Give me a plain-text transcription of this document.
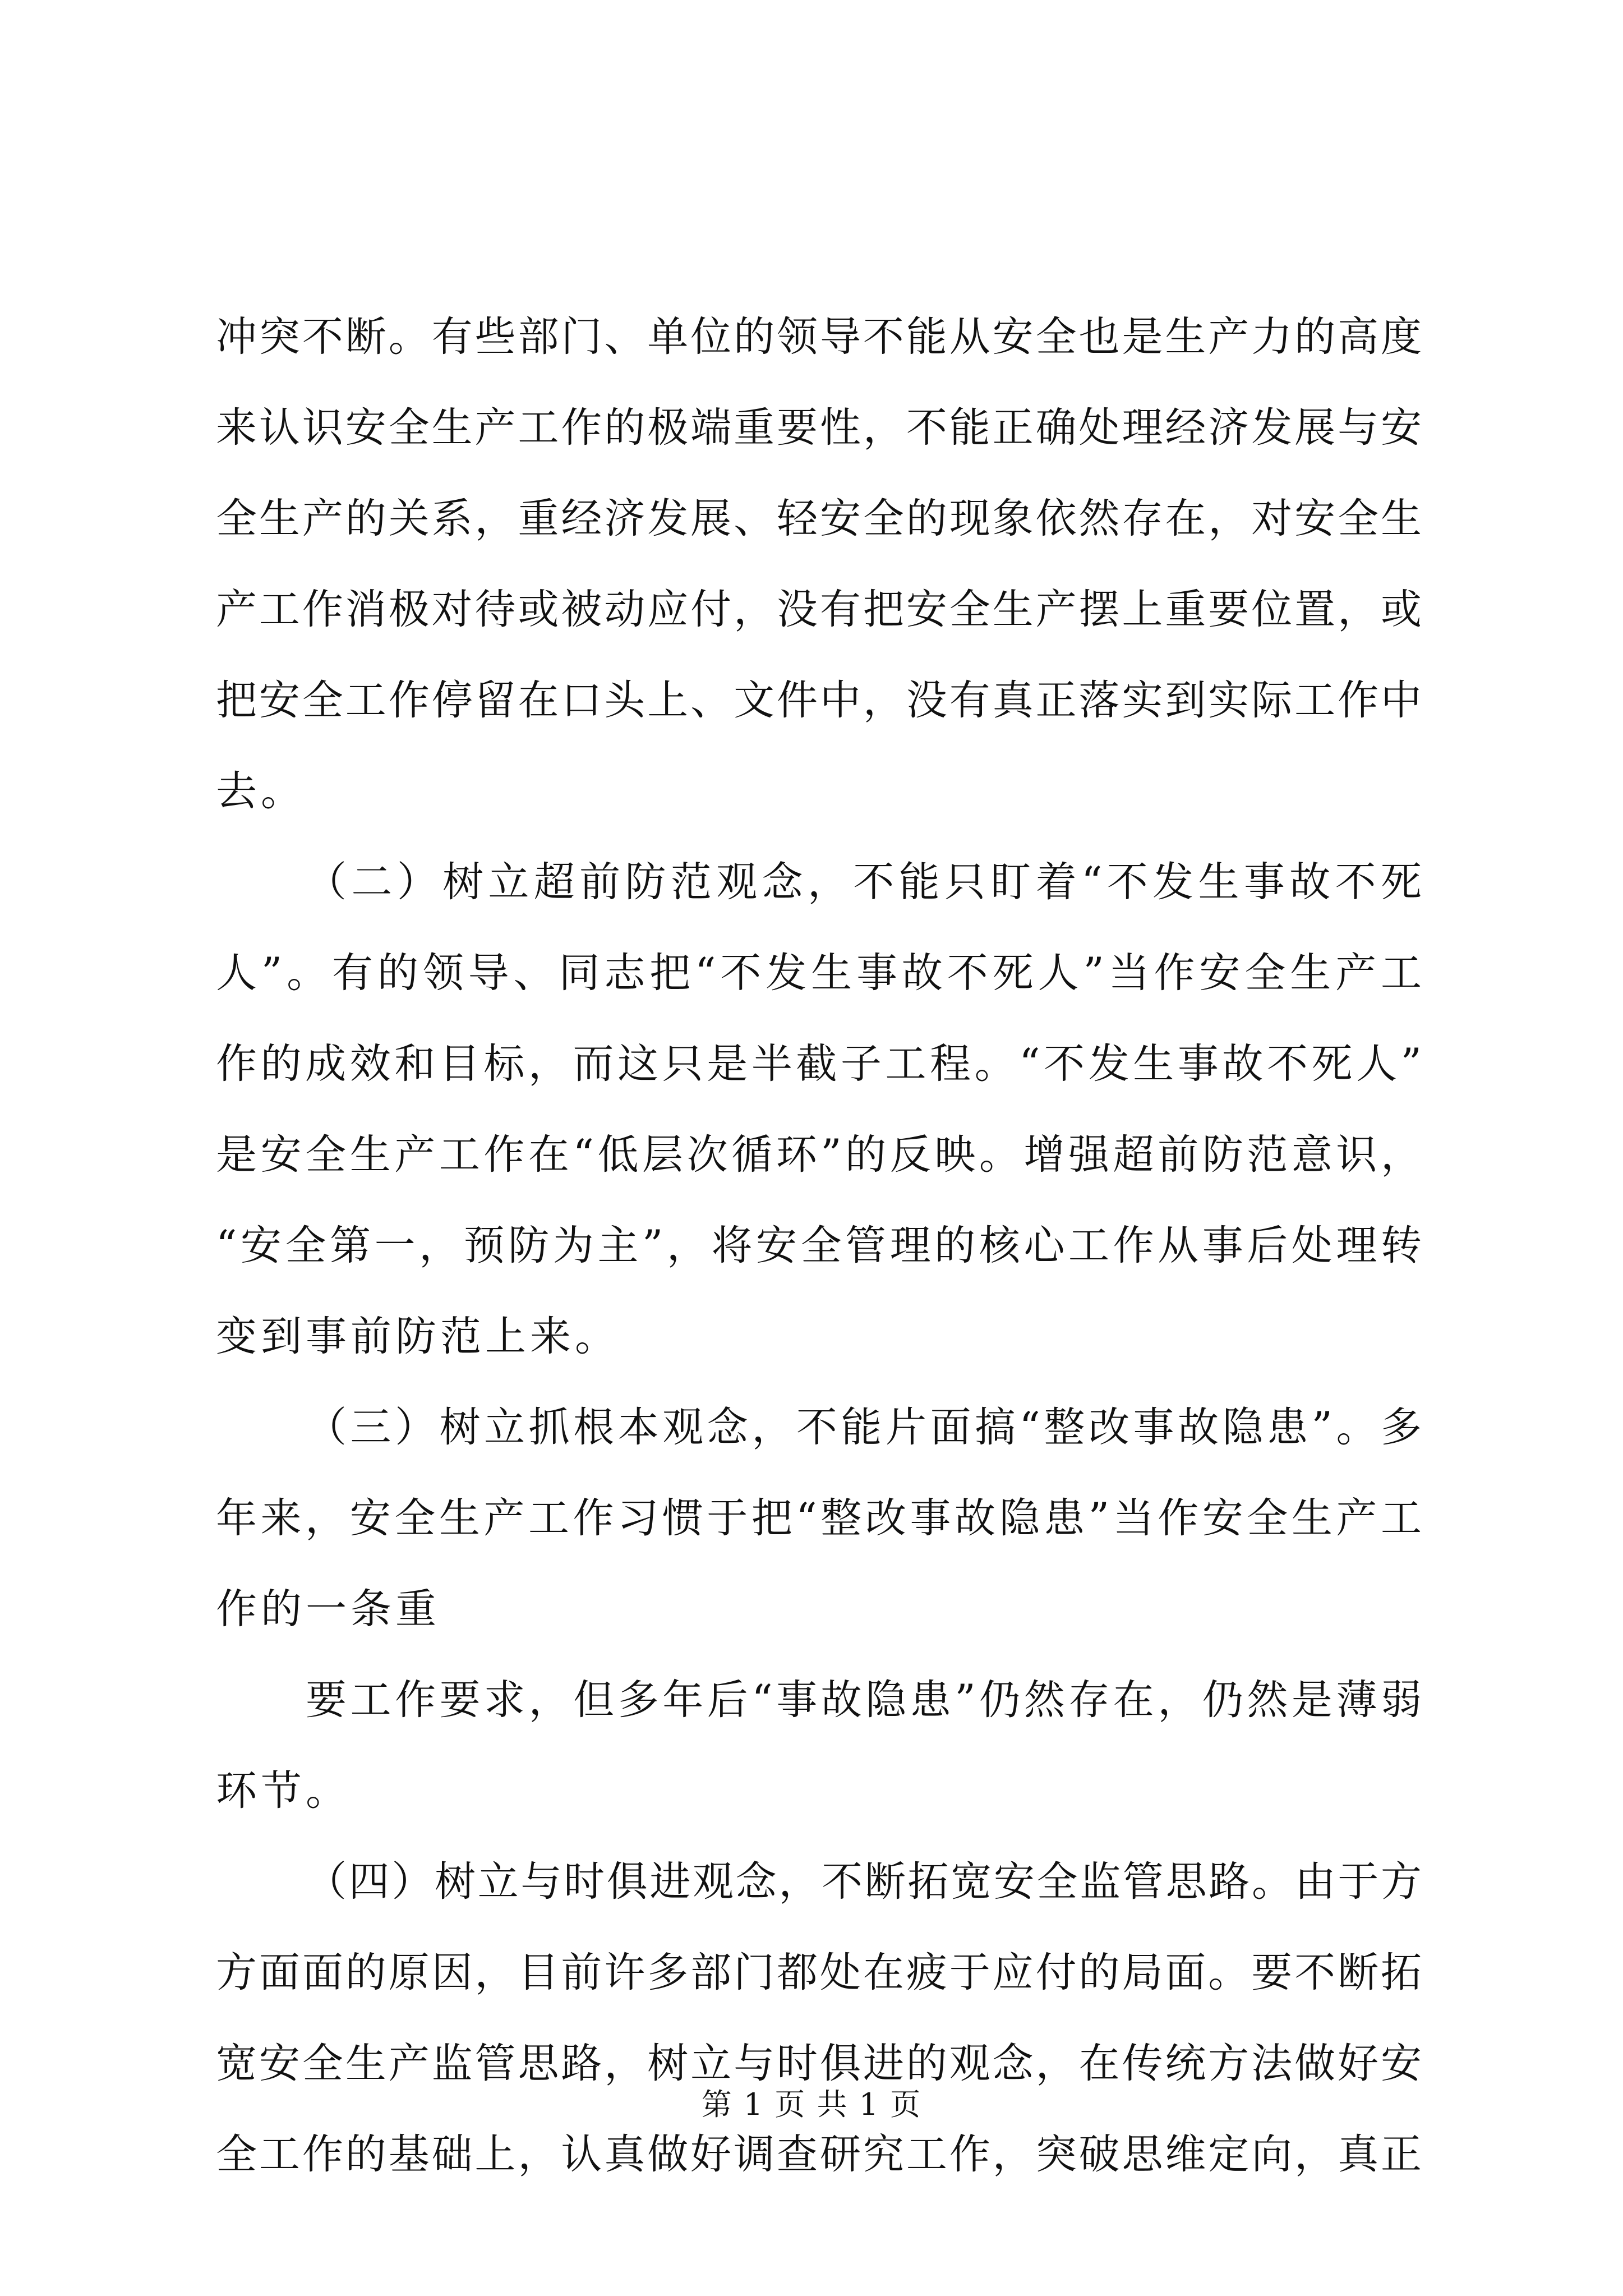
冲突不断。有些部门、单位的领导不能从安全也是生产力的高度
来认识安全生产工作的极端重要性，不能正确处理经济发展与安
全生产的关系，重经济发展、轻安全的现象依然存在，对安全生
产工作消极对待或被动应付，没有把安全生产摆上重要位置，或
把安全工作停留在口头上、文件中，没有真正落实到实际工作中
去。
（二）树立超前防范观念，不能只盯着“不发生事故不死
人”。有的领导、同志把“不发生事故不死人”当作安全生产工
作的成效和目标，而这只是半截子工程。“不发生事故不死人”
是安全生产工作在“低层次循环”的反映。增强超前防范意识，
“安全第一，预防为主”，将安全管理的核心工作从事后处理转
变到事前防范上来。
（三）树立抓根本观念，不能片面搞“整改事故隐患”。多
年来，安全生产工作习惯于把“整改事故隐患”当作安全生产工
作的一条重
要工作要求，但多年后“事故隐患”仍然存在，仍然是薄弱
环节。
（四）树立与时俱进观念，不断拓宽安全监管思路。由于方
方面面的原因，目前许多部门都处在疲于应付的局面。要不断拓
宽安全生产监管思路，树立与时俱进的观念，在传统方法做好安
全工作的基础上，认真做好调查研究工作，突破思维定向，真正
第 1 页 共 1 页
